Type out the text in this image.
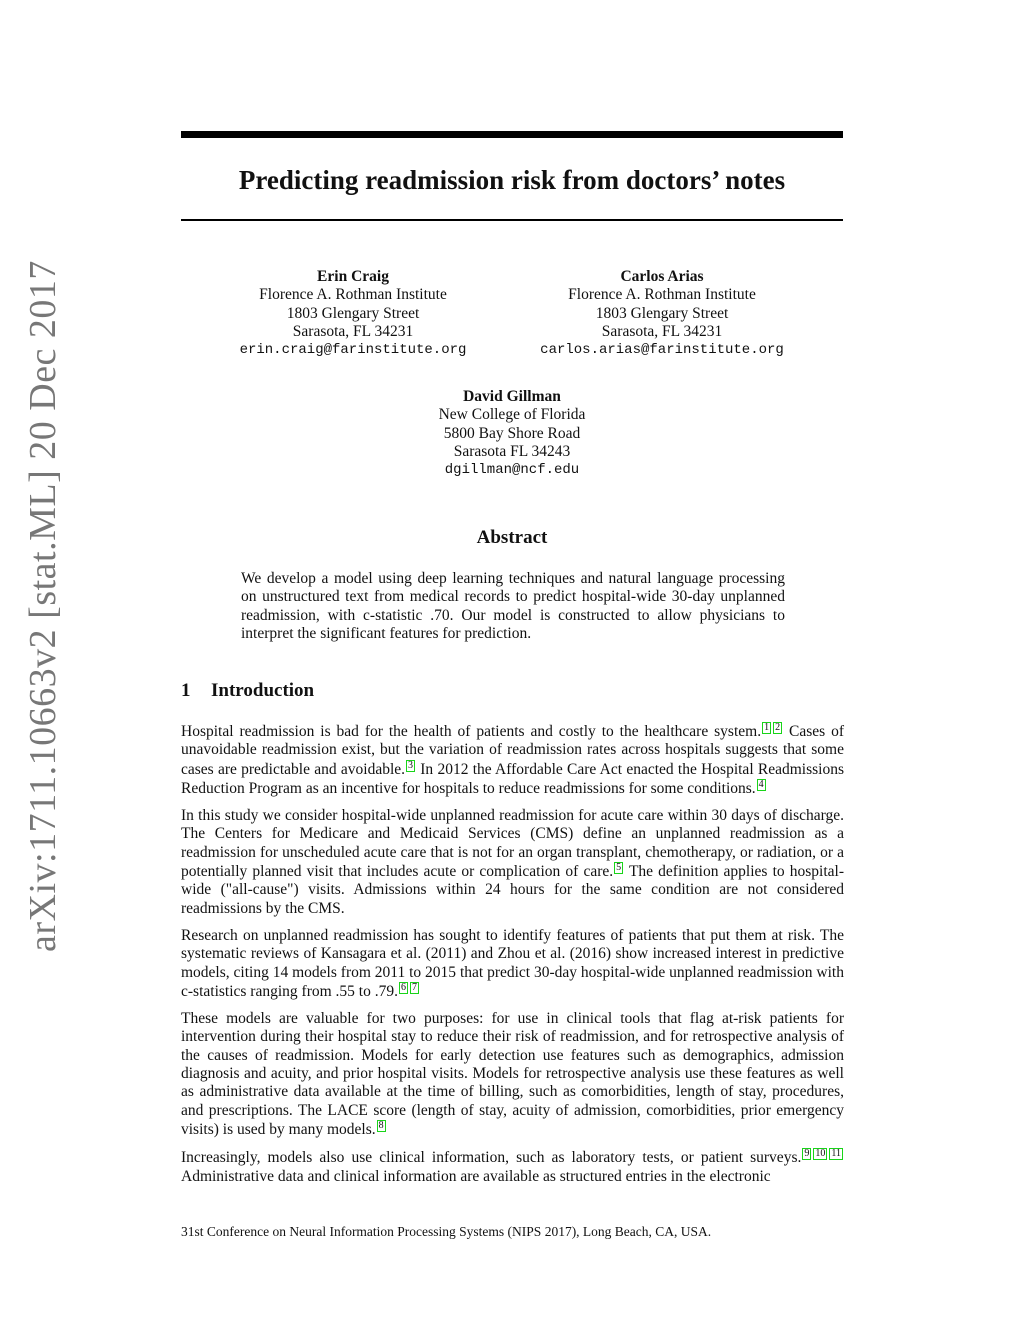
arXiv:1711.10663v2 [stat.ML] 20 Dec 2017
Predicting readmission risk from doctors’ notes
Erin Craig
Florence A. Rothman Institute
1803 Glengary Street
Sarasota, FL 34231
erin.craig@farinstitute.org
Carlos Arias
Florence A. Rothman Institute
1803 Glengary Street
Sarasota, FL 34231
carlos.arias@farinstitute.org
David Gillman
New College of Florida
5800 Bay Shore Road
Sarasota FL 34243
dgillman@ncf.edu
Abstract

We develop a model using deep learning techniques and natural language processing on unstructured text from medical records to predict hospital-wide 30-day unplanned readmission, with c-statistic .70. Our model is constructed to allow physicians to interpret the significant features for prediction.

1 Introduction

Hospital readmission is bad for the health of patients and costly to the healthcare system. 1 2 Cases of unavoidable readmission exist, but the variation of readmission rates across hospitals suggests that some cases are predictable and avoidable. 3 In 2012 the Affordable Care Act enacted the Hospital Readmissions Reduction Program as an incentive for hospitals to reduce readmissions for some conditions. 4

In this study we consider hospital-wide unplanned readmission for acute care within 30 days of discharge. The Centers for Medicare and Medicaid Services (CMS) define an unplanned readmission as a readmission for unscheduled acute care that is not for an organ transplant, chemotherapy, or radiation, or a potentially planned visit that includes acute or complication of care. 5 The definition applies to hospital-wide ("all-cause") visits. Admissions within 24 hours for the same condition are not considered readmissions by the CMS.

Research on unplanned readmission has sought to identify features of patients that put them at risk. The systematic reviews of Kansagara et al. (2011) and Zhou et al. (2016) show increased interest in predictive models, citing 14 models from 2011 to 2015 that predict 30-day hospital-wide unplanned readmission with c-statistics ranging from .55 to .79. 6 7

These models are valuable for two purposes: for use in clinical tools that flag at-risk patients for intervention during their hospital stay to reduce their risk of readmission, and for retrospective analysis of the causes of readmission. Models for early detection use features such as demographics, admission diagnosis and acuity, and prior hospital visits. Models for retrospective analysis use these features as well as administrative data available at the time of billing, such as comorbidities, length of stay, procedures, and prescriptions. The LACE score (length of stay, acuity of admission, comorbidities, prior emergency visits) is used by many models. 8

Increasingly, models also use clinical information, such as laboratory tests, or patient surveys. 9 10 11 Administrative data and clinical information are available as structured entries in the electronic

31st Conference on Neural Information Processing Systems (NIPS 2017), Long Beach, CA, USA.
